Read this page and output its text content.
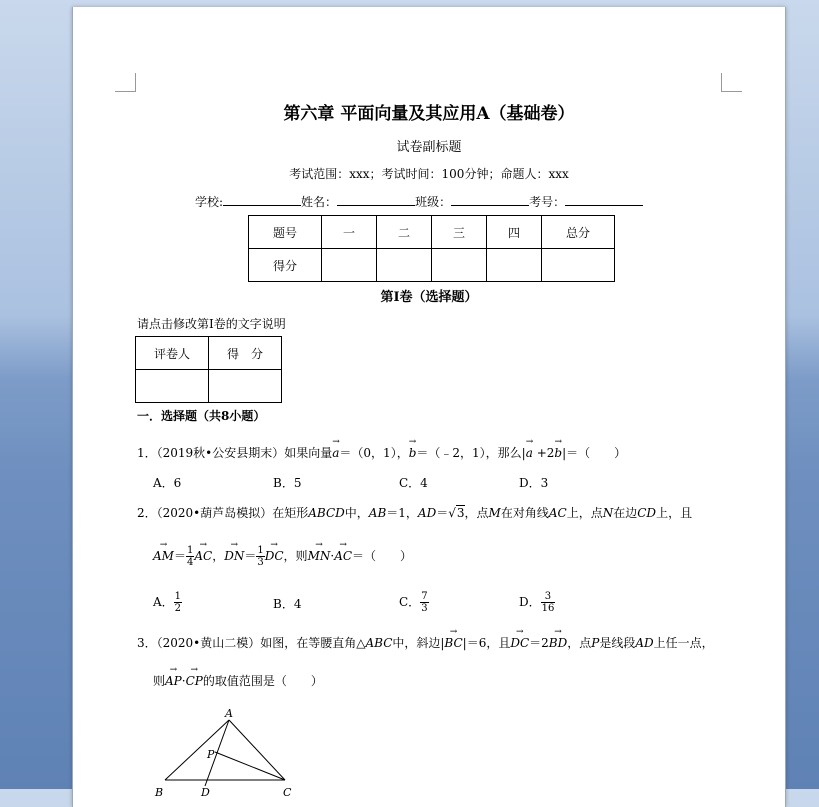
第六章 平面向量及其应用A（基础卷）
试卷副标题
考试范围：xxx；考试时间：100分钟；命题人：xxx
学校:	姓名：	班级：	考号：
题号	一	二	三	四	总分
得分					
第Ⅰ卷（选择题）
请点击修改第Ⅰ卷的文字说明
评卷人	得　分

一．选择题（共8小题）
1．（2019秋•公安县期末）如果向量→ a＝（0，1），→ b＝（﹣2，1），那么|→ a +2→ b|＝（　　）
A．6	B．5	C．4	D．3
2．（2020•葫芦岛模拟）在矩形ABCD中，AB＝1，AD＝√3，点M在对角线AC上，点N在边CD上，且
→ $AM= \frac{1}{4}$ → AC，→ $DN= \frac{1}{3}$ → DC，则→ MN·→ AC＝（　　）
A． $\frac{1}{2}$	B．4	C． $\frac{7}{3}$	D． $\frac{3}{16}$
3．（2020•黄山二模）如图，在等腰直角△ABC中，斜边|→ BC|＝6，且→ DC＝2→ BD，点P是线段AD上任一点，
则→ AP·→ CP的取值范围是（　　）
A
P
B	D	C
